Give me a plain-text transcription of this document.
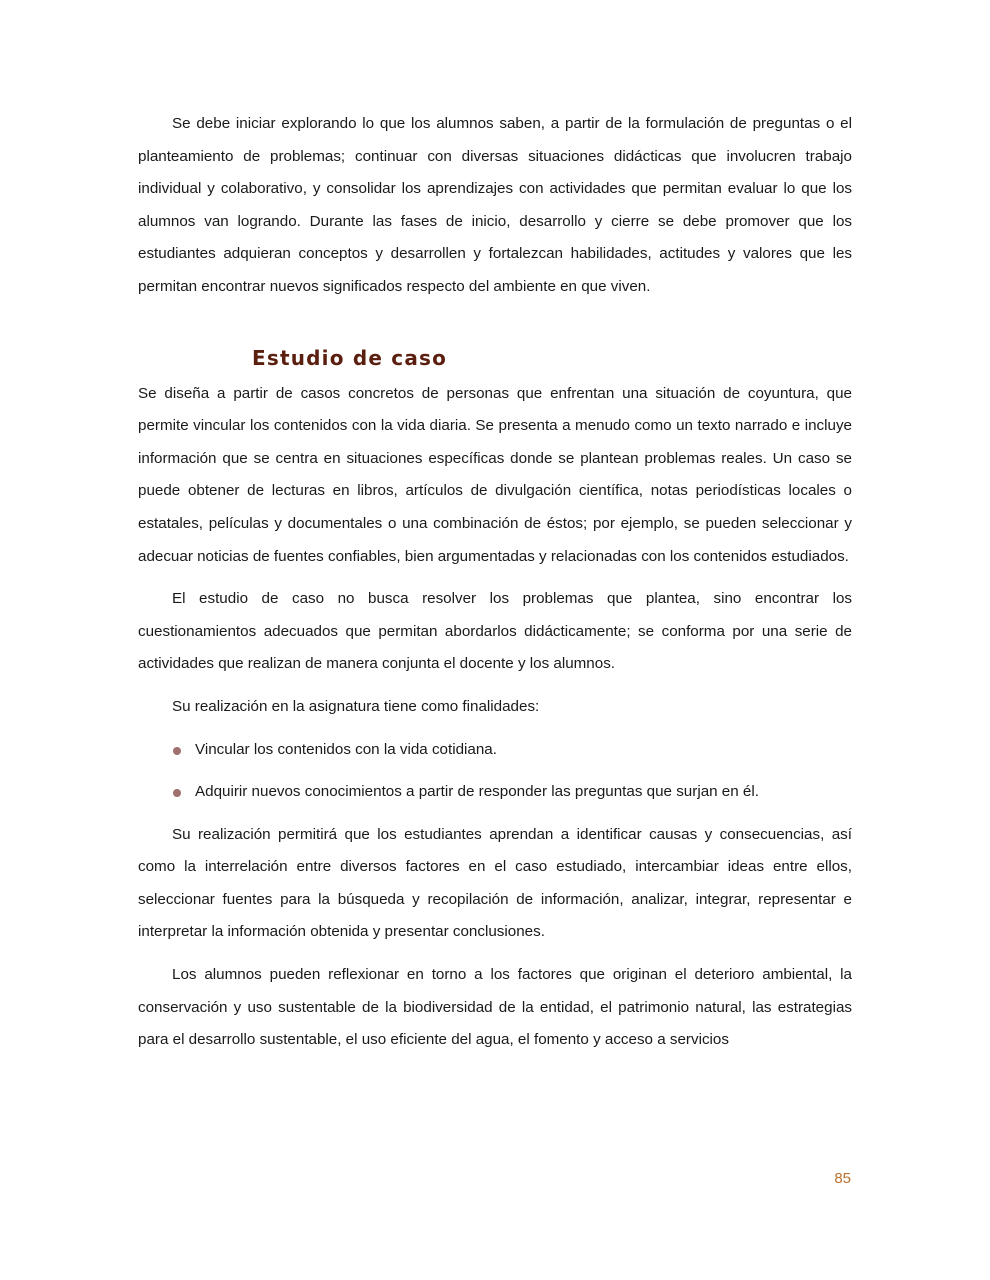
Se debe iniciar explorando lo que los alumnos saben, a partir de la formulación de preguntas o el planteamiento de problemas; continuar con diversas situaciones didácticas que involucren trabajo individual y colaborativo, y consolidar los aprendizajes con actividades que permitan evaluar lo que los alumnos van logrando. Durante las fases de inicio, desarrollo y cierre se debe promover que los estudiantes adquieran conceptos y desarrollen y fortalezcan habilidades, actitudes y valores que les permitan encontrar nuevos significados respecto del ambiente en que viven.

Estudio de caso

Se diseña a partir de casos concretos de personas que enfrentan una situación de coyuntura, que permite vincular los contenidos con la vida diaria. Se presenta a menudo como un texto narrado e incluye información que se centra en situaciones específicas donde se plantean problemas reales. Un caso se puede obtener de lecturas en libros, artículos de divulgación científica, notas periodísticas locales o estatales, películas y documentales o una combinación de éstos; por ejemplo, se pueden seleccionar y adecuar noticias de fuentes confiables, bien argumentadas y relacionadas con los contenidos estudiados.

El estudio de caso no busca resolver los problemas que plantea, sino encontrar los cuestionamientos adecuados que permitan abordarlos didácticamente; se conforma por una serie de actividades que realizan de manera conjunta el docente y los alumnos.

Su realización en la asignatura tiene como finalidades:

Vincular los contenidos con la vida cotidiana.
Adquirir nuevos conocimientos a partir de responder las preguntas que surjan en él.

Su realización permitirá que los estudiantes aprendan a identificar causas y consecuencias, así como la interrelación entre diversos factores en el caso estudiado, intercambiar ideas entre ellos, seleccionar fuentes para la búsqueda y recopilación de información, analizar, integrar, representar e interpretar la información obtenida y presentar conclusiones.

Los alumnos pueden reflexionar en torno a los factores que originan el deterioro ambiental, la conservación y uso sustentable de la biodiversidad de la entidad, el patrimonio natural, las estrategias para el desarrollo sustentable, el uso eficiente del agua, el fomento y acceso a servicios

85
